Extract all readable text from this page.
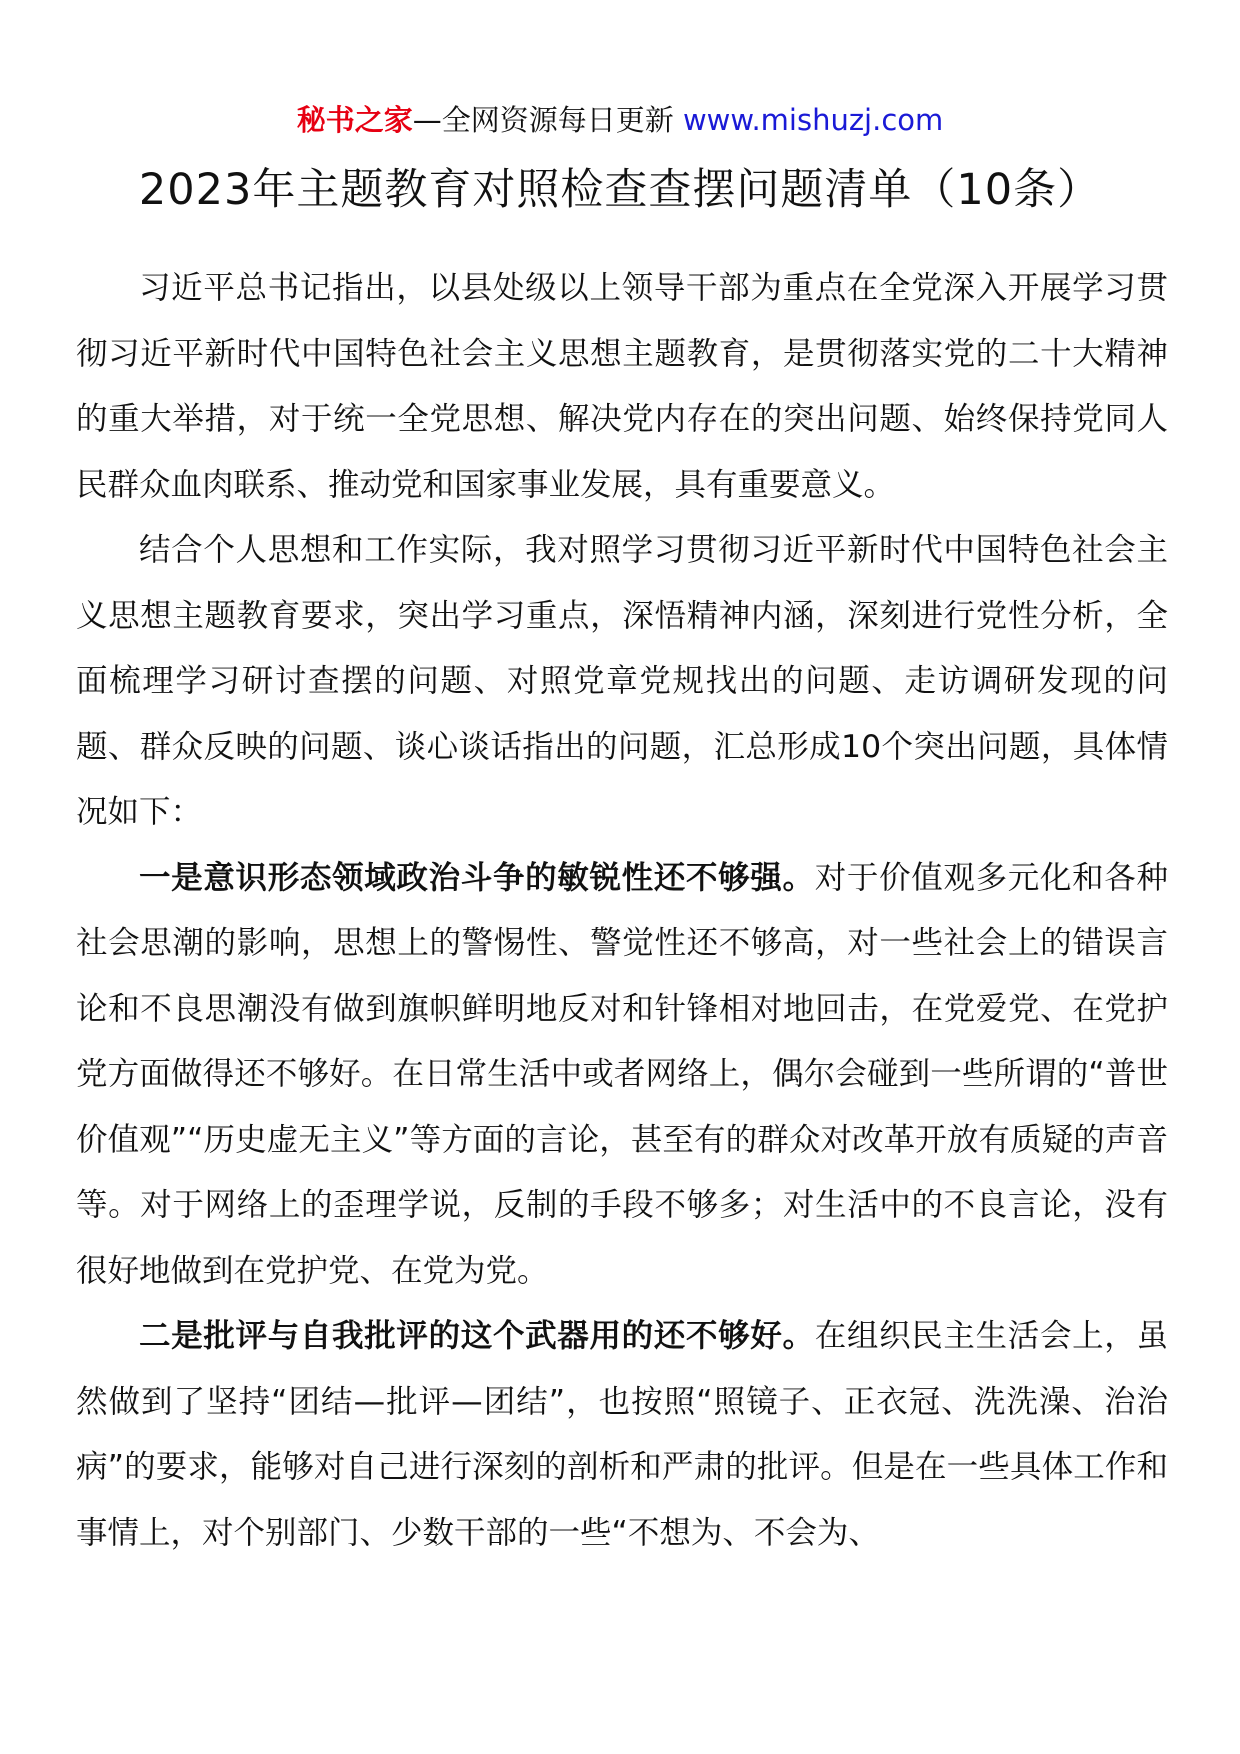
秘书之家—全网资源每日更新 www.mishuzj.com
2023年主题教育对照检查查摆问题清单（10条）

习近平总书记指出，以县处级以上领导干部为重点在全党深入开展学习贯彻习近平新时代中国特色社会主义思想主题教育，是贯彻落实党的二十大精神的重大举措，对于统一全党思想、解决党内存在的突出问题、始终保持党同人民群众血肉联系、推动党和国家事业发展，具有重要意义。

结合个人思想和工作实际，我对照学习贯彻习近平新时代中国特色社会主义思想主题教育要求，突出学习重点，深悟精神内涵，深刻进行党性分析，全面梳理学习研讨查摆的问题、对照党章党规找出的问题、走访调研发现的问题、群众反映的问题、谈心谈话指出的问题，汇总形成10个突出问题，具体情况如下：

一是意识形态领域政治斗争的敏锐性还不够强。对于价值观多元化和各种社会思潮的影响，思想上的警惕性、警觉性还不够高，对一些社会上的错误言论和不良思潮没有做到旗帜鲜明地反对和针锋相对地回击，在党爱党、在党护党方面做得还不够好。在日常生活中或者网络上，偶尔会碰到一些所谓的“普世价值观”“历史虚无主义”等方面的言论，甚至有的群众对改革开放有质疑的声音等。对于网络上的歪理学说，反制的手段不够多；对生活中的不良言论，没有很好地做到在党护党、在党为党。

二是批评与自我批评的这个武器用的还不够好。在组织民主生活会上，虽然做到了坚持“团结—批评—团结”，也按照“照镜子、正衣冠、洗洗澡、治治病”的要求，能够对自己进行深刻的剖析和严肃的批评。但是在一些具体工作和事情上，对个别部门、少数干部的一些“不想为、不会为、
